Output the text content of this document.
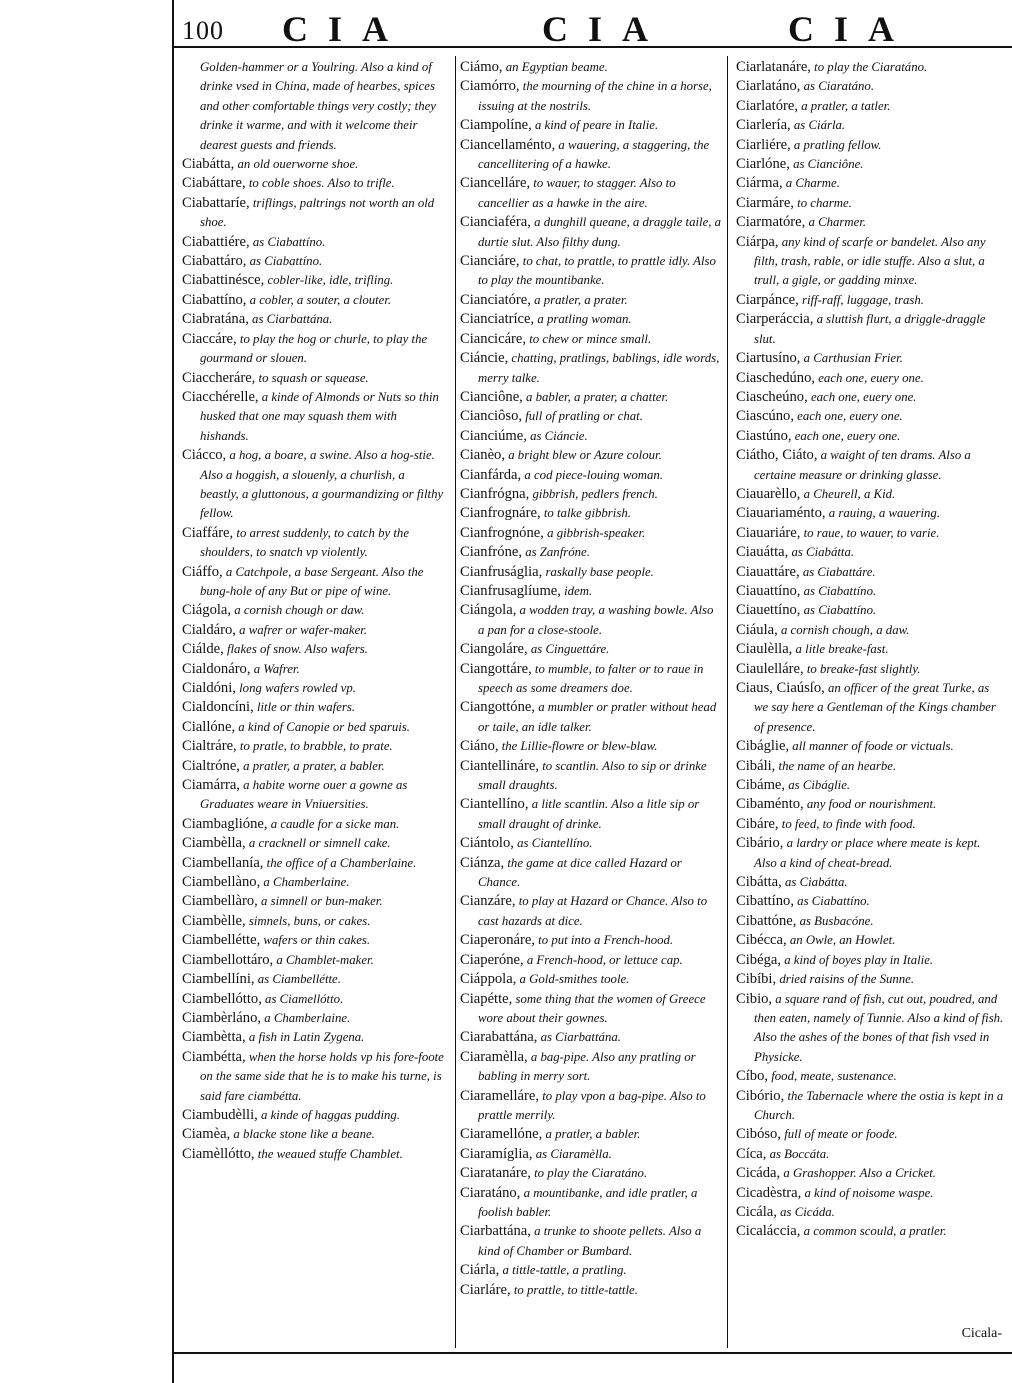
100 CIA	CIA	CIA

Golden-hammer or a Youlring. Also a kind of drinke vsed in China, made of hearbes, spices and other comfortable things very costly; they drinke it warme, and with it welcome their dearest guests and friends.

Ciabátta, an old ouerworne shoe.

Ciabáttare, to coble shoes. Also to trifle.

Ciabattaríe, triflings, paltrings not worth an old shoe.

Ciabattiére, as Ciabattíno.

Ciabattáro, as Ciabattíno.

Ciabattinésce, cobler-like, idle, trifling.

Ciabattíno, a cobler, a souter, a clouter.

Ciabratána, as Ciarbattána.

Ciaccáre, to play the hog or churle, to play the gourmand or slouen.

Ciaccheráre, to squash or squease.

Ciacchérelle, a kinde of Almonds or Nuts so thin husked that one may squash them with hishands.

Ciácco, a hog, a boare, a swine. Also a hog-stie. Also a hoggish, a slouenly, a churlish, a beastly, a gluttonous, a gourmandizing or filthy fellow.

Ciaffáre, to arrest suddenly, to catch by the shoulders, to snatch vp violently.

Ciáffo, a Catchpole, a base Sergeant. Also the bung-hole of any But or pipe of wine.

Ciágola, a cornish chough or daw.

Cialdáro, a wafrer or wafer-maker.

Ciálde, flakes of snow. Also wafers.

Cialdonáro, a Wafrer.

Cialdóni, long wafers rowled vp.

Cialdoncíni, litle or thin wafers.

Ciallóne, a kind of Canopie or bed sparuis.

Cialtráre, to pratle, to brabble, to prate.

Cialtróne, a pratler, a prater, a babler.

Ciamárra, a habite worne ouer a gowne as Graduates weare in Vniuersities.

Ciambaglióne, a caudle for a sicke man.

Ciambèlla, a cracknell or simnell cake.

Ciambellanía, the office of a Chamberlaine.

Ciambellàno, a Chamberlaine.

Ciambellàro, a simnell or bun-maker.

Ciambèlle, simnels, buns, or cakes.

Ciambellétte, wafers or thin cakes.

Ciambellottáro, a Chamblet-maker.

Ciambellíni, as Ciambellétte.

Ciambellótto, as Ciamellótto.

Ciambèrláno, a Chamberlaine.

Ciambètta, a fish in Latin Zygena.

Ciambétta, when the horse holds vp his fore-foote on the same side that he is to make his turne, is said fare ciambétta.

Ciambudèlli, a kinde of haggas pudding.

Ciamèa, a blacke stone like a beane.

Ciamèllótto, the weaued stuffe Chamblet.

Ciámo, an Egyptian beame.

Ciamórro, the mourning of the chine in a horse, issuing at the nostrils.

Ciampolíne, a kind of peare in Italie.

Ciancellaménto, a wauering, a staggering, the cancellitering of a hawke.

Ciancelláre, to wauer, to stagger. Also to cancellier as a hawke in the aire.

Cianciaféra, a dunghill queane, a draggle taile, a durtie slut. Also filthy dung.

Cianciáre, to chat, to prattle, to prattle idly. Also to play the mountibanke.

Cianciatóre, a pratler, a prater.

Cianciatríce, a pratling woman.

Ciancicáre, to chew or mince small.

Ciáncie, chatting, pratlings, bablings, idle words, merry talke.

Cianciône, a babler, a prater, a chatter.

Cianciôso, full of pratling or chat.

Cianciúme, as Ciáncie.

Cianèo, a bright blew or Azure colour.

Cianfárda, a cod piece-louing woman.

Cianfrógna, gibbrish, pedlers french.

Cianfrognáre, to talke gibbrish.

Cianfrognóne, a gibbrish-speaker.

Cianfróne, as Zanfróne.

Cianfruságlia, raskally base people.

Cianfrusaglíume, idem.

Ciángola, a wodden tray, a washing bowle. Also a pan for a close-stoole.

Ciangoláre, as Cinguettáre.

Ciangottáre, to mumble, to falter or to raue in speech as some dreamers doe.

Ciangottóne, a mumbler or pratler without head or taile, an idle talker.

Ciáno, the Lillie-flowre or blew-blaw.

Ciantellináre, to scantlin. Also to sip or drinke small draughts.

Ciantellíno, a litle scantlin. Also a litle sip or small draught of drinke.

Ciántolo, as Ciantellíno.

Ciánza, the game at dice called Hazard or Chance.

Cianzáre, to play at Hazard or Chance. Also to cast hazards at dice.

Ciaperonáre, to put into a French-hood.

Ciaperóne, a French-hood, or lettuce cap.

Ciáppola, a Gold-smithes toole.

Ciapétte, some thing that the women of Greece wore about their gownes.

Ciarabattána, as Ciarbattána.

Ciaramèlla, a bag-pipe. Also any pratling or babling in merry sort.

Ciaramelláre, to play vpon a bag-pipe. Also to prattle merrily.

Ciaramellóne, a pratler, a babler.

Ciaramíglia, as Ciaramèlla.

Ciaratanáre, to play the Ciaratáno.

Ciaratáno, a mountibanke, and idle pratler, a foolish babler.

Ciarbattána, a trunke to shoote pellets. Also a kind of Chamber or Bumbard.

Ciárla, a tittle-tattle, a pratling.

Ciarláre, to prattle, to tittle-tattle.

Ciarlatanáre, to play the Ciaratáno.

Ciarlatáno, as Ciaratáno.

Ciarlatóre, a pratler, a tatler.

Ciarlería, as Ciárla.

Ciarliére, a pratling fellow.

Ciarlóne, as Cianciône.

Ciárma, a Charme.

Ciarmáre, to charme.

Ciarmatóre, a Charmer.

Ciárpa, any kind of scarfe or bandelet. Also any filth, trash, rable, or idle stuffe. Also a slut, a trull, a gigle, or gadding minxe.

Ciarpánce, riff-raff, luggage, trash.

Ciarperáccia, a sluttish flurt, a driggle-draggle slut.

Ciartusíno, a Carthusian Frier.

Ciaschedúno, each one, euery one.

Ciascheúno, each one, euery one.

Ciascúno, each one, euery one.

Ciastúno, each one, euery one.

Ciátho, Ciáto, a waight of ten drams. Also a certaine measure or drinking glasse.

Ciauarèllo, a Cheurell, a Kid.

Ciauariaménto, a rauing, a wauering.

Ciauariáre, to raue, to wauer, to varie.

Ciauátta, as Ciabátta.

Ciauattáre, as Ciabattáre.

Ciauattíno, as Ciabattíno.

Ciauettíno, as Ciabattíno.

Ciáula, a cornish chough, a daw.

Ciaulèlla, a litle breake-fast.

Ciaulelláre, to breake-fast slightly.

Ciaus, Ciaúsſo, an officer of the great Turke, as we say here a Gentleman of the Kings chamber of presence.

Cibáglie, all manner of foode or victuals.

Cibáli, the name of an hearbe.

Cibáme, as Cibáglie.

Cibaménto, any food or nourishment.

Cibáre, to feed, to finde with food.

Cibário, a lardry or place where meate is kept. Also a kind of cheat-bread.

Cibátta, as Ciabátta.

Cibattíno, as Ciabattíno.

Cibattóne, as Busbacóne.

Cibécca, an Owle, an Howlet.

Cibéga, a kind of boyes play in Italie.

Cibíbi, dried raisins of the Sunne.

Cibio, a square rand of fish, cut out, poudred, and then eaten, namely of Tunnie. Also a kind of fish. Also the ashes of the bones of that fish vsed in Physicke.

Cíbo, food, meate, sustenance.

Cibório, the Tabernacle where the ostia is kept in a Church.

Cibóso, full of meate or foode.

Cíca, as Boccáta.

Cicáda, a Grashopper. Also a Cricket.

Cicadèstra, a kind of noisome waspe.

Cicála, as Cicáda.

Cicaláccia, a common scould, a pratler.

Cicala-
